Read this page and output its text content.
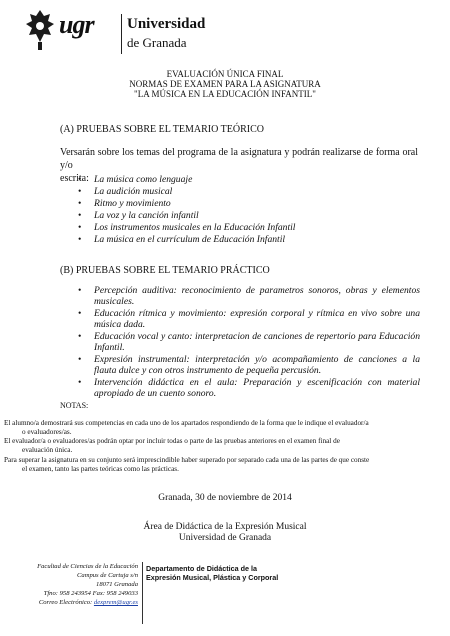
ugr Universidad
de Granada
EVALUACIÓN ÚNICA FINAL
NORMAS DE EXAMEN PARA LA ASIGNATURA
"LA MÚSICA EN LA EDUCACIÓN INFANTIL"
(A) PRUEBAS SOBRE EL TEMARIO TEÓRICO
Versarán sobre los temas del programa de la asignatura y podrán realizarse de forma oral y/o
escrita:
• La música como lenguaje
• La audición musical
• Ritmo y movimiento
• La voz y la canción infantil
• Los instrumentos musicales en la Educación Infantil
• La música en el currículum de Educación Infantil
(B) PRUEBAS SOBRE EL TEMARIO PRÁCTICO
• Percepción auditiva: reconocimiento de parametros sonoros, obras y elementos musicales.
• Educación rítmica y movimiento: expresión corporal y rítmica en vivo sobre una música dada.
• Educación vocal y canto: interpretacion de canciones de repertorio para Educación Infantil.
• Expresión instrumental: interpretación y/o acompañamiento de canciones a la flauta dulce y con otros instrumento de pequeña percusión.
• Intervención didáctica en el aula: Preparación y escenificación con material apropiado de un cuento sonoro.
NOTAS:
El alumno/a demostrará sus competencias en cada uno de los apartados respondiendo de la forma que le indique el evaluador/a
o evaluadores/as.
El evaluador/a o evaluadores/as podrán optar por incluir todas o parte de las pruebas anteriores en el examen final de
evaluación única.
Para superar la asignatura en su conjunto será imprescindible haber superado por separado cada una de las partes de que conste
el examen, tanto las partes teóricas como las prácticas.
Granada, 30 de noviembre de 2014
Área de Didáctica de la Expresión Musical
Universidad de Granada
Facultad de Ciencias de la Educación
Campus de Cartuja s/n
18071 Granada
Tfno: 958 243954 Fax: 958 249033
Correo Electrónico: dexprem@ugr.es
Departamento de Didáctica de la
Expresión Musical, Plástica y Corporal
